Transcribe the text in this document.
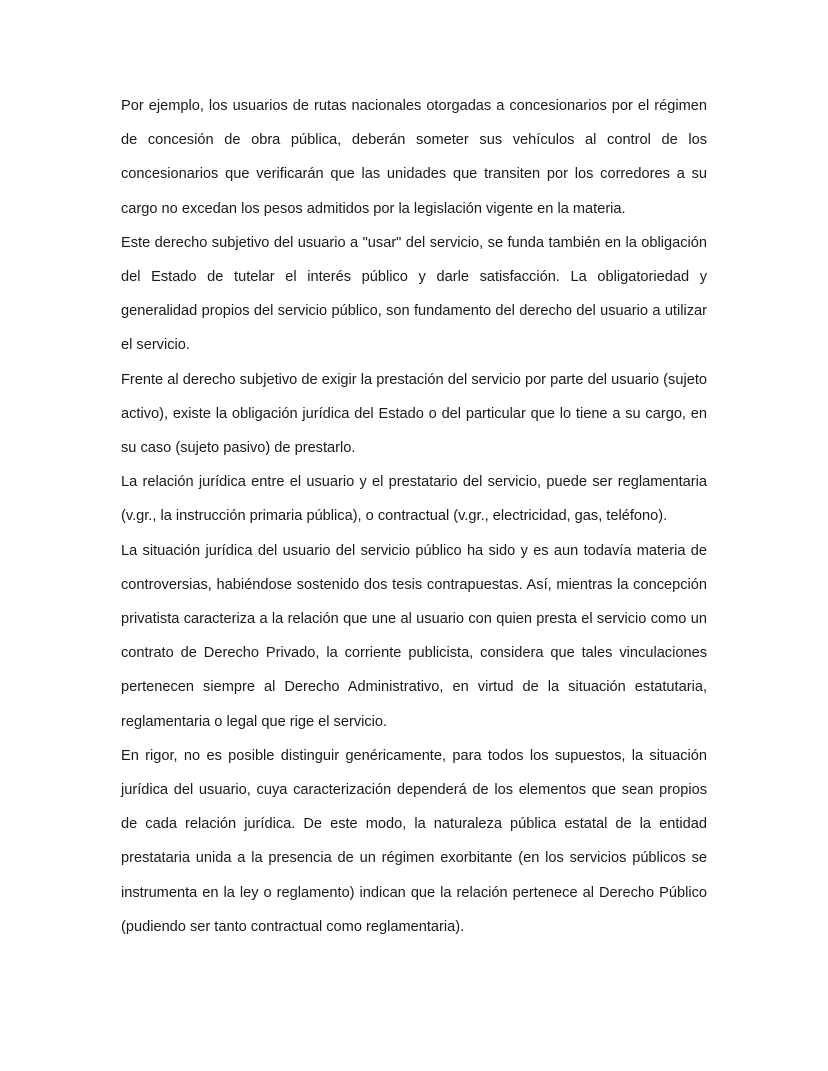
Por ejemplo, los usuarios de rutas nacionales otorgadas a concesionarios por el régimen de concesión de obra pública, deberán someter sus vehículos al control de los concesionarios que verificarán que las unidades que transiten por los corredores a su cargo no excedan los pesos admitidos por la legislación vigente en la materia.

Este derecho subjetivo del usuario a "usar" del servicio, se funda también en la obligación del Estado de tutelar el interés público y darle satisfacción. La obligatoriedad y generalidad propios del servicio público, son fundamento del derecho del usuario a utilizar el servicio.

Frente al derecho subjetivo de exigir la prestación del servicio por parte del usuario (sujeto activo), existe la obligación jurídica del Estado o del particular que lo tiene a su cargo, en su caso (sujeto pasivo) de prestarlo.

La relación jurídica entre el usuario y el prestatario del servicio, puede ser reglamentaria (v.gr., la instrucción primaria pública), o contractual (v.gr., electricidad, gas, teléfono).

La situación jurídica del usuario del servicio público ha sido y es aun todavía materia de controversias, habiéndose sostenido dos tesis contrapuestas. Así, mientras la concepción privatista caracteriza a la relación que une al usuario con quien presta el servicio como un contrato de Derecho Privado, la corriente publicista, considera que tales vinculaciones pertenecen siempre al Derecho Administrativo, en virtud de la situación estatutaria, reglamentaria o legal que rige el servicio.

En rigor, no es posible distinguir genéricamente, para todos los supuestos, la situación jurídica del usuario, cuya caracterización dependerá de los elementos que sean propios de cada relación jurídica. De este modo, la naturaleza pública estatal de la entidad prestataria unida a la presencia de un régimen exorbitante (en los servicios públicos se instrumenta en la ley o reglamento) indican que la relación pertenece al Derecho Público (pudiendo ser tanto contractual como reglamentaria).
